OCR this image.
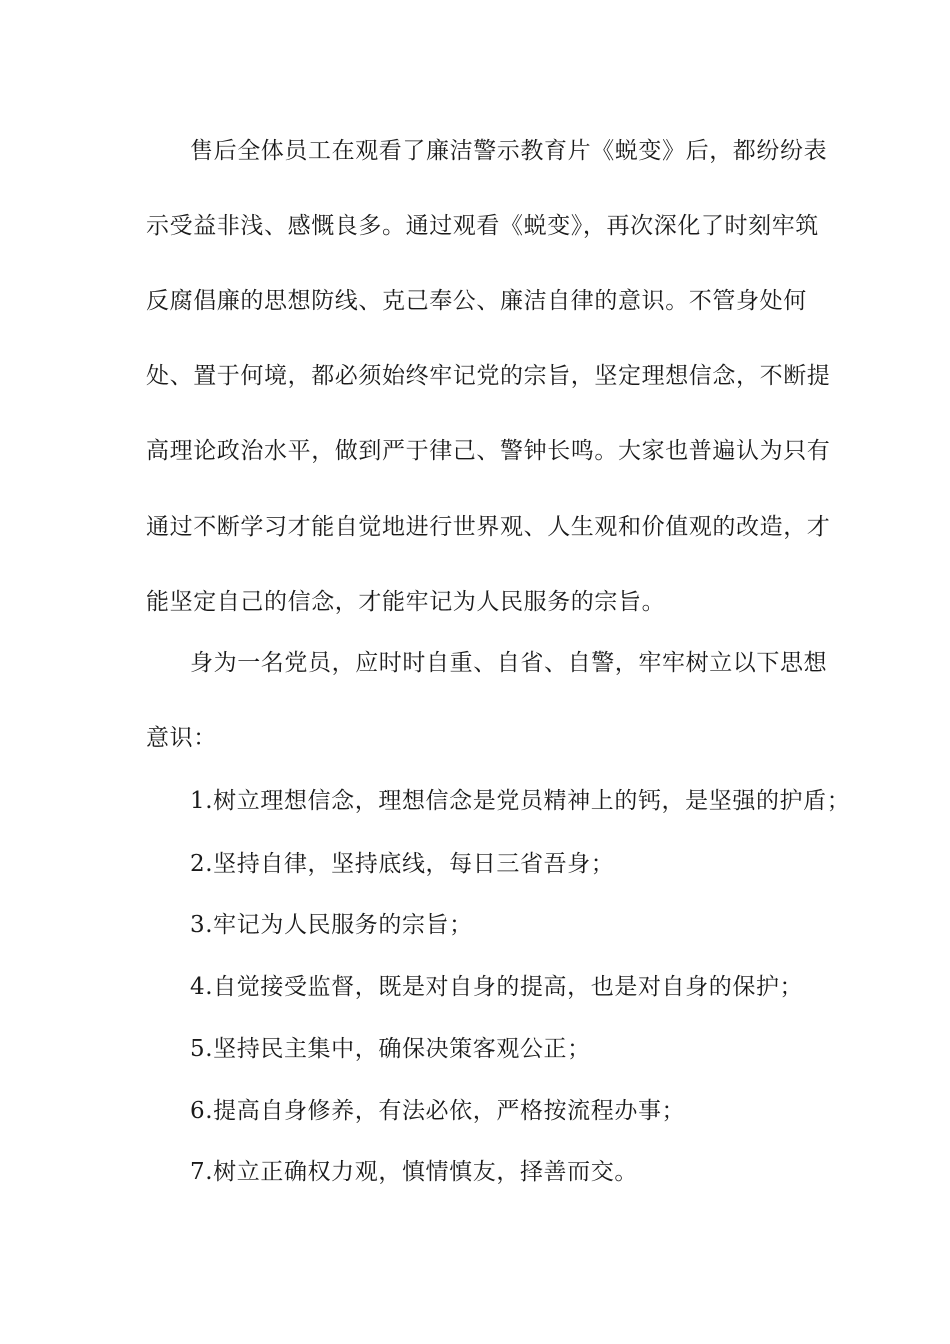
售后全体员工在观看了廉洁警示教育片《蜕变》后，都纷纷表
示受益非浅、感慨良多。通过观看《蜕变》，再次深化了时刻牢筑
反腐倡廉的思想防线、克己奉公、廉洁自律的意识。不管身处何
处、置于何境，都必须始终牢记党的宗旨，坚定理想信念，不断提
高理论政治水平，做到严于律己、警钟长鸣。大家也普遍认为只有
通过不断学习才能自觉地进行世界观、人生观和价值观的改造，才
能坚定自己的信念，才能牢记为人民服务的宗旨。
身为一名党员，应时时自重、自省、自警，牢牢树立以下思想
意识：
1.树立理想信念，理想信念是党员精神上的钙，是坚强的护盾；
2.坚持自律，坚持底线，每日三省吾身；
3.牢记为人民服务的宗旨；
4.自觉接受监督，既是对自身的提高，也是对自身的保护；
5.坚持民主集中，确保决策客观公正；
6.提高自身修养，有法必依，严格按流程办事；
7.树立正确权力观，慎情慎友，择善而交。
